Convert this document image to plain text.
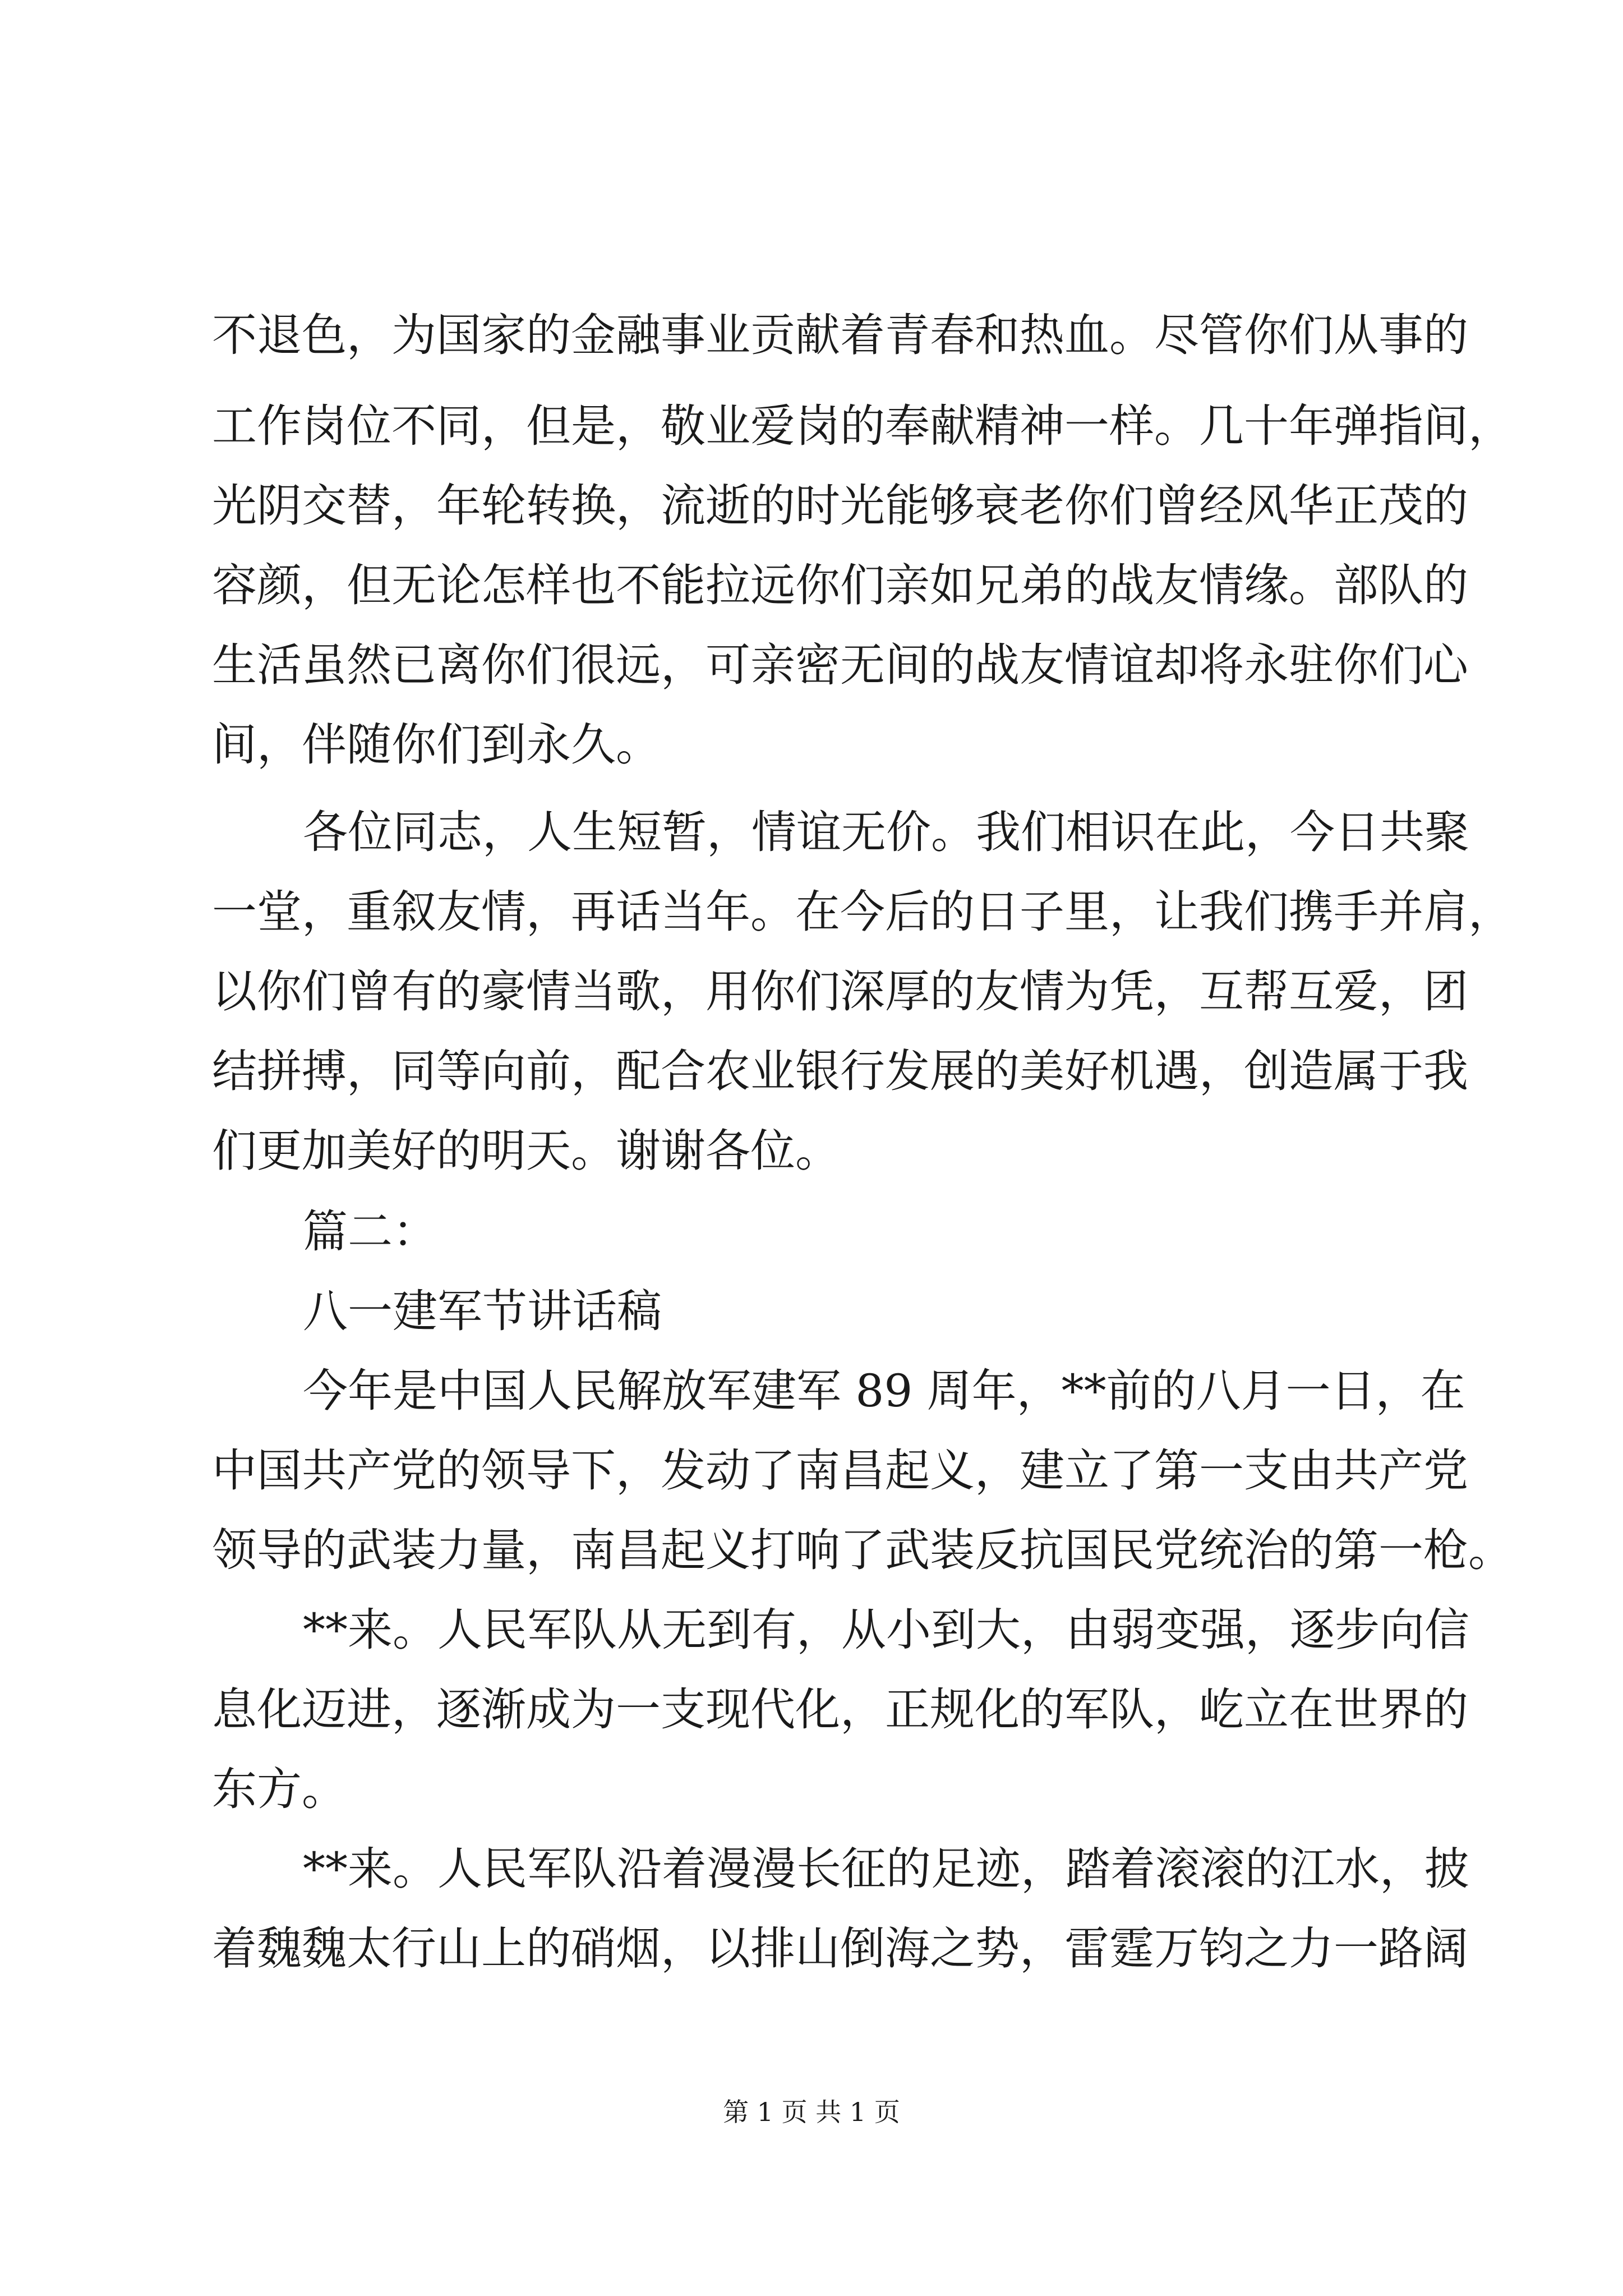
不退色，为国家的金融事业贡献着青春和热血。尽管你们从事的
工作岗位不同，但是，敬业爱岗的奉献精神一样。几十年弹指间，
光阴交替，年轮转换，流逝的时光能够衰老你们曾经风华正茂的
容颜，但无论怎样也不能拉远你们亲如兄弟的战友情缘。部队的
生活虽然已离你们很远，可亲密无间的战友情谊却将永驻你们心
间，伴随你们到永久。
各位同志，人生短暂，情谊无价。我们相识在此，今日共聚
一堂，重叙友情，再话当年。在今后的日子里，让我们携手并肩，
以你们曾有的豪情当歌，用你们深厚的友情为凭，互帮互爱，团
结拼搏，同等向前，配合农业银行发展的美好机遇，创造属于我
们更加美好的明天。谢谢各位。
篇二：
八一建军节讲话稿
今年是中国人民解放军建军 89 周年，**前的八月一日，在
中国共产党的领导下，发动了南昌起义，建立了第一支由共产党
领导的武装力量，南昌起义打响了武装反抗国民党统治的第一枪。
**来。人民军队从无到有，从小到大，由弱变强，逐步向信
息化迈进，逐渐成为一支现代化，正规化的军队，屹立在世界的
东方。
**来。人民军队沿着漫漫长征的足迹，踏着滚滚的江水，披
着魏魏太行山上的硝烟，以排山倒海之势，雷霆万钧之力一路阔
第 1 页 共 1 页
